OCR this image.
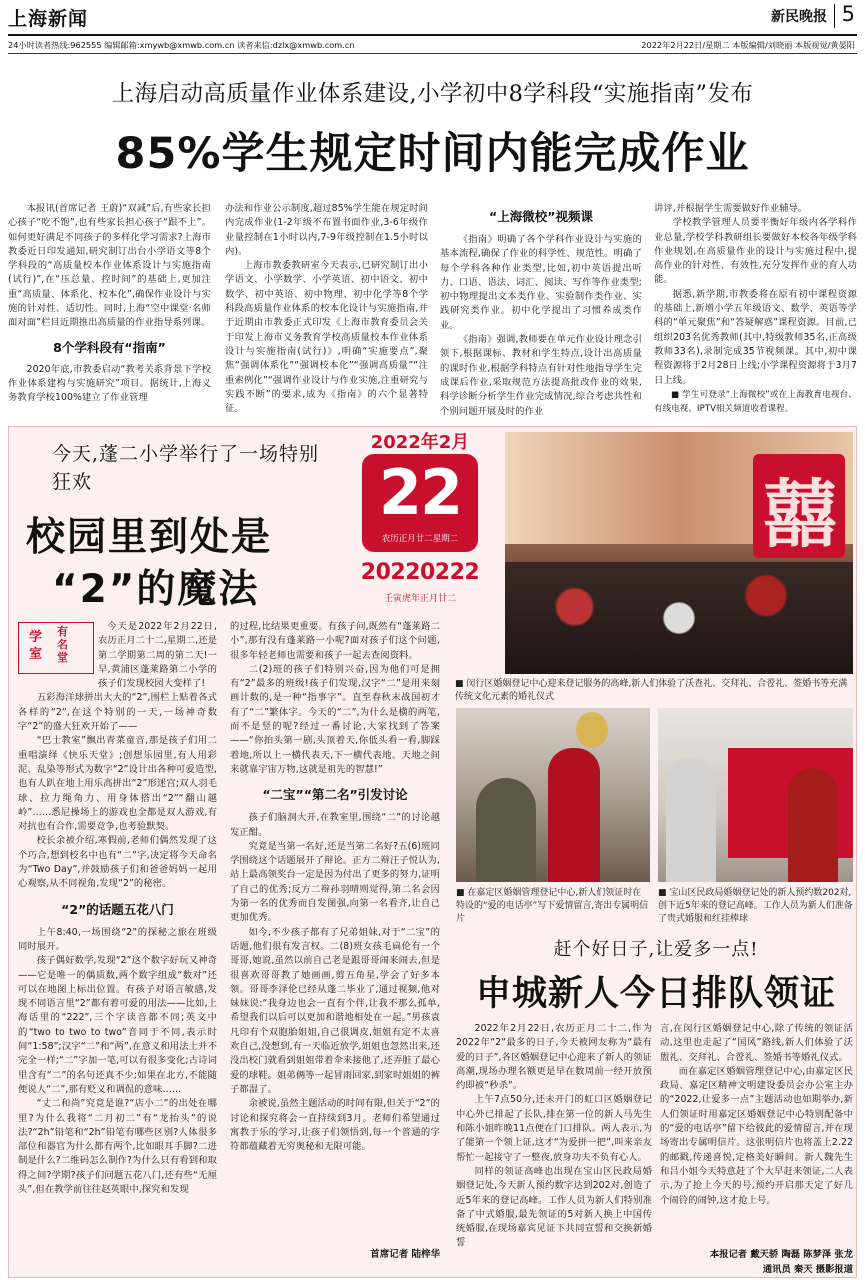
上海新闻	新民晚报 5
24小时读者热线:962555 编辑邮箱:xmywb@xmwb.com.cn 读者来信:dzlx@xmwb.com.cn	2022年2月22日/星期二 本版编辑/刘晓丽 本版视觉/黄晏阳
上海启动高质量作业体系建设,小学初中8学科段“实施指南”发布
85%学生规定时间内能完成作业

本报讯(首席记者 王蔚)“双减”后,有些家长担心孩子“吃不饱”,也有些家长担心孩子“跟不上”。如何更好满足不同孩子的多样化学习需求?上海市教委近日印发通知,研究制订出台小学语文等8个学科段的“高质量校本作业体系设计与实施指南(试行)”,在“压总量、控时间”的基础上,更加注重“高质量、体系化、校本化”,确保作业设计与实施的针对性、适切性。同时,上海“空中课堂·名师面对面”栏目近期推出高质量的作业指导系列课。

8个学科段有“指南”

2020年底,市教委启动“教考关系背景下学校作业体系建构与实施研究”项目。据统计,上海义务教育学校100%建立了作业管理

办法和作业公示制度,超过85%学生能在规定时间内完成作业(1-2年级不布置书面作业,3-6年级作业量控制在1小时以内,7-9年级控制在1.5小时以内)。

上海市教委教研室今天表示,已研究制订出小学语文、小学数学、小学英语、初中语文、初中数学、初中英语、初中物理、初中化学等8个学科段高质量作业体系的校本化设计与实施指南,并于近期由市教委正式印发《上海市教育委员会关于印发上海市义务教育学校高质量校本作业体系设计与实施指南(试行)》,明确“实施要点”,聚焦“强调体系化”“强调校本化”“强调高质量”“注重索例化”“强调作业设计与作业实施,注重研究与实践不断”的要求,成为《指南》的六个显著特征。

“上海微校”视频课

《指南》明确了各个学科作业设计与实施的基本流程,确保了作业的科学性、规范性。明确了每个学科各种作业类型,比如,初中英语提出听力、口语、语法、词汇、阅读、写作等作业类型;初中物理提出文本类作业、实验制作类作业、实践研究类作业。初中化学提出了习惯养成类作业。

《指南》强调,教师要在单元作业设计理念引领下,根据课标、教材和学生特点,设计出高质量的课时作业,根据学科特点有针对性地指导学生完成课后作业,采取规范方法提高批改作业的效果,科学诊断分析学生作业完成情况,综合考虑共性和个别问题开展及时的作业

讲评,并根据学生需要做好作业辅导。

学校教学管理人员要平衡好年级内各学科作业总量,学校学科教研组长要做好本校各年级学科作业规划,在高质量作业的设计与实施过程中,提高作业的针对性、有效性,充分发挥作业的育人功能。

据悉,新学期,市教委将在原有初中课程资源的基础上,新增小学五年级语文、数学、英语等学科的“单元聚焦”和“答疑解惑”课程资源。目前,已组织203名优秀教师(其中,特级教师35名,正高级教师33名),录制完成35节视频课。其中,初中课程资源将于2月28日上线;小学课程资源将于3月7日上线。

■ 学生可登录“上海微校”或在上海教育电视台、有线电视、IPTV相关频道收看课程。

今天,蓬二小学举行了一场特别狂欢
校园里到处是
“2”的魔法
2022年2月
22
农历正月廿二星期二
20220222
壬寅虎年正月廿二
囍
■ 闵行区婚姻登记中心迎来登记服务的高峰,新人们体验了沃查礼、交拜礼、合卺礼、签婚书等充满传统文化元素的婚礼仪式
■ 在嘉定区婚姻管理登记中心,新人们领证时在特设的“爱的电话亭”写下爱情留言,寄出专属明信片
■ 宝山区民政局婚姻登记处的新人预约数202对,创下近5年来的登记高峰。工作人员为新人们准备了贵式婚服和红挂棒球
赶个好日子,让爱多一点!
申城新人今日排队领证
有名堂
学室

今天是2022年2月22日,农历正月二十二,星期二,还是第二学期第二周的第二天!一早,黄浦区蓬莱路第二小学的孩子们发现校园大变样了!

五彩海洋球拼出大大的“2”,围栏上贴着各式各样的“2”,在这个特别的一天,一场神奇数字“2”的盛大狂欢开始了——

“巴士教室”飘出青菜童音,那是孩子们用二重唱演绎《快乐天堂》;创想乐园里,有人用彩泥、乱染等形式为数字“2”设计出各种可爱造型,也有人趴在地上用乐高拼出“2”形迷宫;双人羽毛球、拉力绳角力、用身体搭出“2”“翻山越岭”……悉尼操场上的游戏也全都是双人游戏,有对抗也有合作,需要竞争,也考验默契。

校长余被介绍,寒假前,老师们偶然发现了这个巧合,想到校名中也有“二”字,决定将今天命名为“Two Day”,并鼓励孩子们和爸爸妈妈一起用心观察,从不同视角,发现“2”的秘密。

“2”的话题五花八门

上午8:40,一场围绕“2”的探秘之旅在班级同时展开。

孩子偶好数学,发现“2”这个数字好玩又神奇——它是唯一的偶质数,两个数字组成“数对”还可以在地图上标出位置。有孩子对语言敏感,发现不同语言里“2”都有着可爱的用法——比如,上海话里的“222”,三个字读音都不同;英文中的“two to two to two”音同于不同,表示时间“1:58”;汉字“二”和“两”,在意义和用法上并不完全一样;“二”字加一笔,可以有很多变化;古诗词里含有“二”的名句还真不少;如果在北方,不能随便说人“二”,那有贬义和调侃的意味……

“丈二和尚”究竟是谁?“店小二”的出处在哪里?为什么我将“二月初二”有“龙抬头”的说法?“2h”铅笔和“2h”铅笔有哪些区别?人体很多部位和器官为什么都有两个,比如眼耳手脚?二进制是什么?二维码怎么制作?为什么只有看到和取得之间?学期?孩子们问题五花八门,还有些“无厘头”,但在教学前往往赵英眼中,探究和发现

的过程,比结果更重要。有孩子问,既然有“蓬莱路二小”,那有没有蓬莱路一小呢?面对孩子们这个问题,很多年轻老师也需要和孩子一起去查阅资料。

二(2)班的孩子们特别兴奋,因为他们可是拥有“2”最多的班级!孩子们发现,汉字“二”是用来刻画计数的,是一种“指事字”。直至春秋末战国初才有了“二”繁体字。今天的“二”,为什么是横的两笔,而不是竖的呢?经过一番讨论,大家找到了答案——“你拍头第一剧,头顶着天,你低头看一看,脚踩着地,所以上一横代表天,下一横代表地。天地之间来就靠宇宙万物,这就是祖先的智慧!”

“二宝”“第二名”引发讨论

孩子们脑洞大开,在教室里,围绕“二”的讨论越发正酣。

究竟是当第一名好,还是当第二名好?五(6)班同学围绕这个话题展开了辩论。正方二辩汪子悦认为,站上最高领奖台一定是因为付出了更多的努力,证明了自己的优秀;反方二辩孙羽晴则觉得,第二名会因为第一名的优秀而自发图强,向第一名看齐,让自己更加优秀。

如今,不少孩子都有了兄弟姐妹,对于“二宝”的话题,他们很有发言权。二(8)班女孩毛扁伦有一个哥哥,她说,虽然以前自己老是跟哥哥闹来闹去,但是很喜欢哥哥教了她画画,剪五角星,学会了好多本领。哥哥李泽伦已经从蓬二毕业了,通过视频,他对妹妹说:“我身边也会一直有个伴,让我不那么孤单,希望我们以后可以更加和谐地相处在一起。”男孩袁凡印有个双胞胎姐姐,自己很调皮,姐姐有定不太喜欢自己,没想到,有一天临近放学,姐姐也忽然出来,还没出校门就看到姐姐带着伞来接他了,还弄脏了最心爱的球鞋。姐弟俩等一起冒雨回家,到家时姐姐的裤子都湿了。

余被说,虽然主题活动的时间有限,但关于“2”的讨论和探究将会一直持续到3月。老师们希望通过寓教于乐的学习,让孩子们领悟到,每一个普通的字符都蕴藏着无穷奥秘和无限可能。

首席记者 陆梓华

2022年2月22日,农历正月二十二,作为2022年“2”最多的日子,今天被网友称为“最有爱的日子”,各区婚姻登记中心迎来了新人的领证高潮,现场办理名额更是早在数周前一经开放预约即被“秒杀”。

上午7点50分,还未开门的虹口区婚姻登记中心外已排起了长队,排在第一位的新人马先生和陈小姐昨晚11点便在门口排队。两人表示,为了能第一个领上证,这才“为爱拼一把”,叫来亲友帮忙一起接守了一整夜,放身功夫不负有心人。

同样的领证高峰也出现在宝山区民政局婚姻登记处,今天新人预约数字达到202对,创造了近5年来的登记高峰。工作人员为新人们特别准备了中式婚服,最先领证的5对新人换上中国传统婚服,在现场嘉宾见证下共同宣誓和交换新婚誓

言,在闵行区婚姻登记中心,除了传统的领证活动,这里也走起了“国风”路线,新人们体验了沃盥礼、交拜礼、合卺礼、签婚书等婚礼仪式。

而在嘉定区婚姻管理登记中心,由嘉定区民政局、嘉定区精神文明建设委员会办公室主办的“2022,让爱多一点”主题活动也如期举办,新人们领证时用嘉定区婚姻登记中心特别配备中的“爱的电话亭”留下给彼此的爱情留言,并在现场寄出专属明信片。这张明信片也将盖上2.22的邮戳,传递喜悦,定格美好瞬间。新人魏先生和吕小姐今天特意赶了个大早赶来领证,二人表示,为了抢上今天的号,预约开启那天定了好几个闹铃的闹钟,这才抢上号。

本报记者 戴天骄 陶磊 陈梦泽 张龙
通讯员 秦天 摄影报道
